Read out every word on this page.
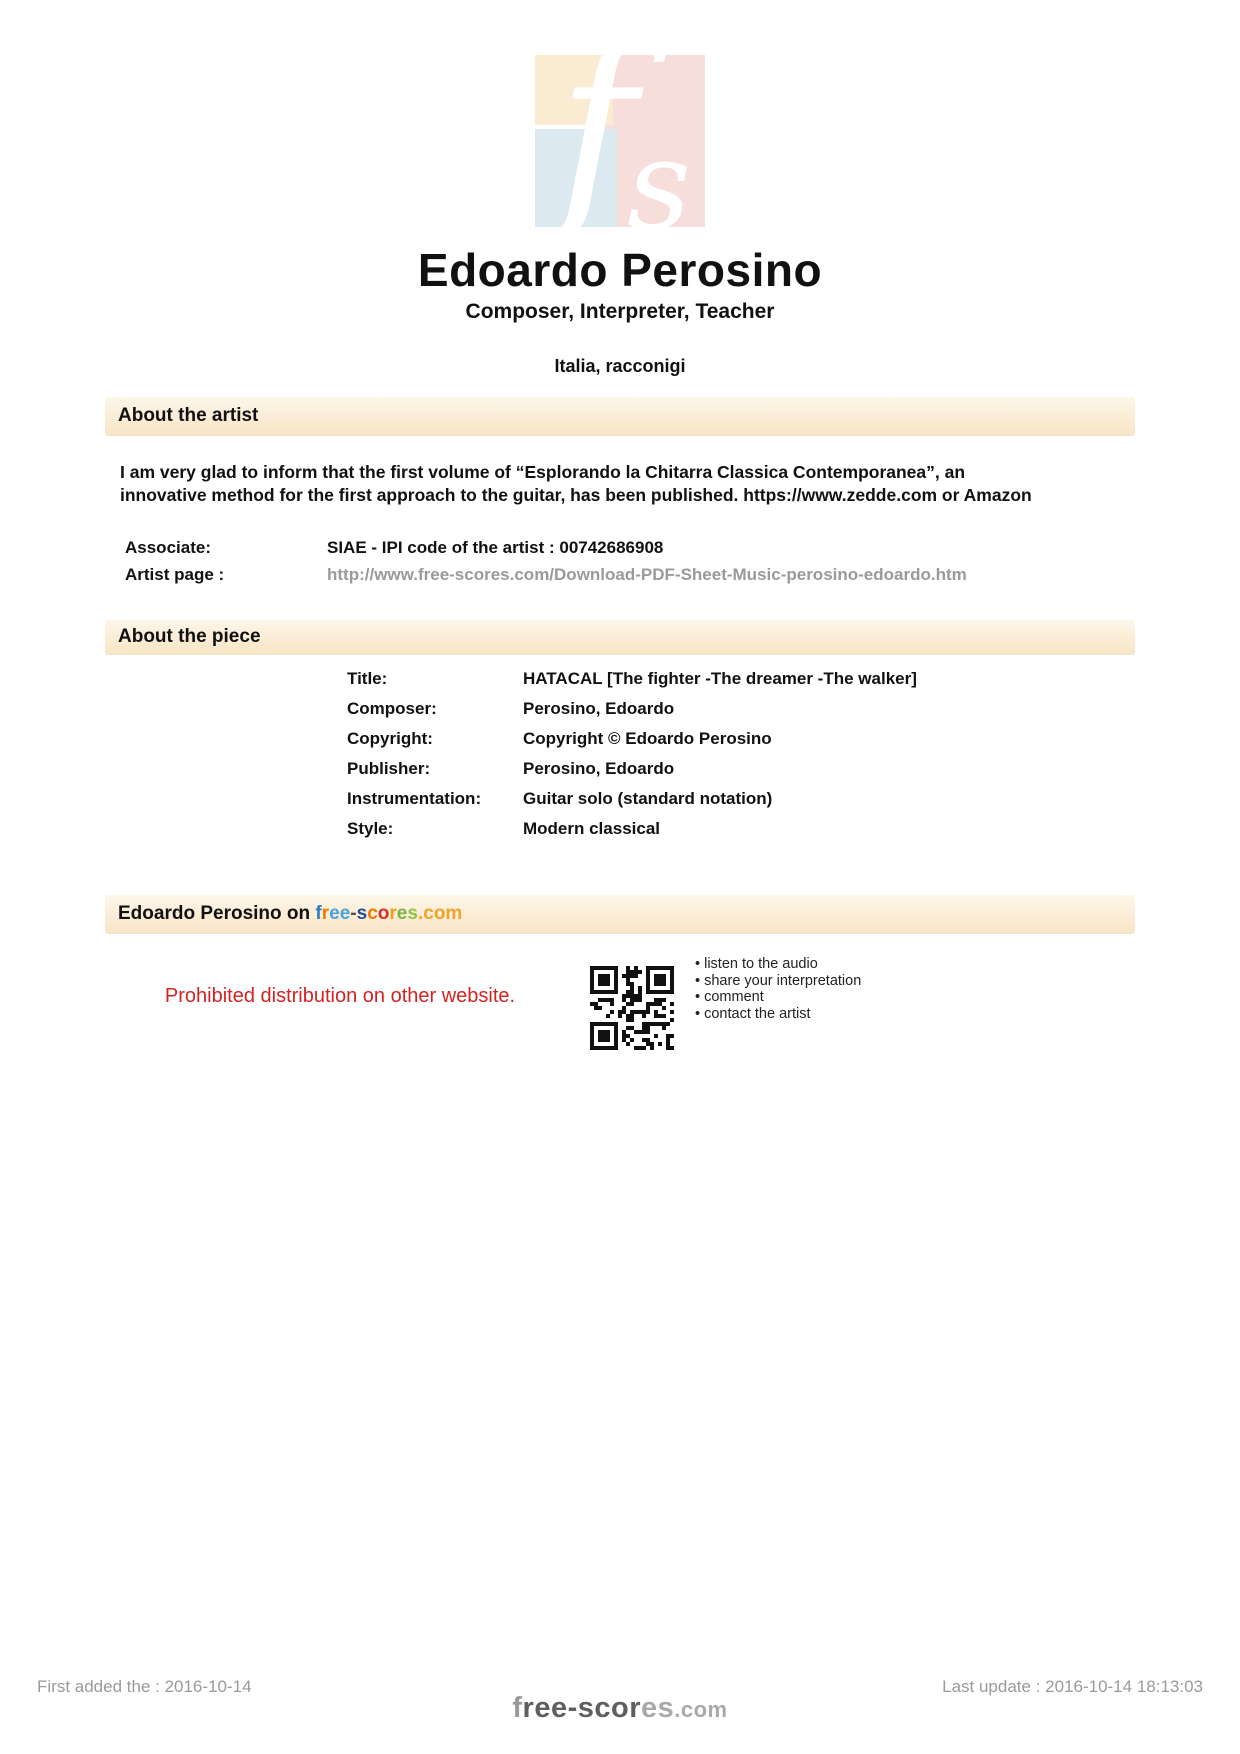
f
s
Edoardo Perosino
Composer, Interpreter, Teacher
Italia, racconigi
About the artist
I am very glad to inform that the first volume of “Esplorando la Chitarra Classica Contemporanea”, an innovative method for the first approach to the guitar, has been published. https://www.zedde.com or Amazon
Associate:	SIAE - IPI code of the artist : 00742686908
Artist page :	http://www.free-scores.com/Download-PDF-Sheet-Music-perosino-edoardo.htm
About the piece
Title:	HATACAL [The fighter -The dreamer -The walker]
Composer:	Perosino, Edoardo
Copyright:	Copyright © Edoardo Perosino
Publisher:	Perosino, Edoardo
Instrumentation: Guitar solo (standard notation)
Style:	Modern classical
Edoardo Perosino on free-scores.com
Prohibited distribution on other website.
• listen to the audio
• share your interpretation
• comment
• contact the artist
First added the : 2016-10-14	Last update : 2016-10-14 18:13:03
free-scores.com
